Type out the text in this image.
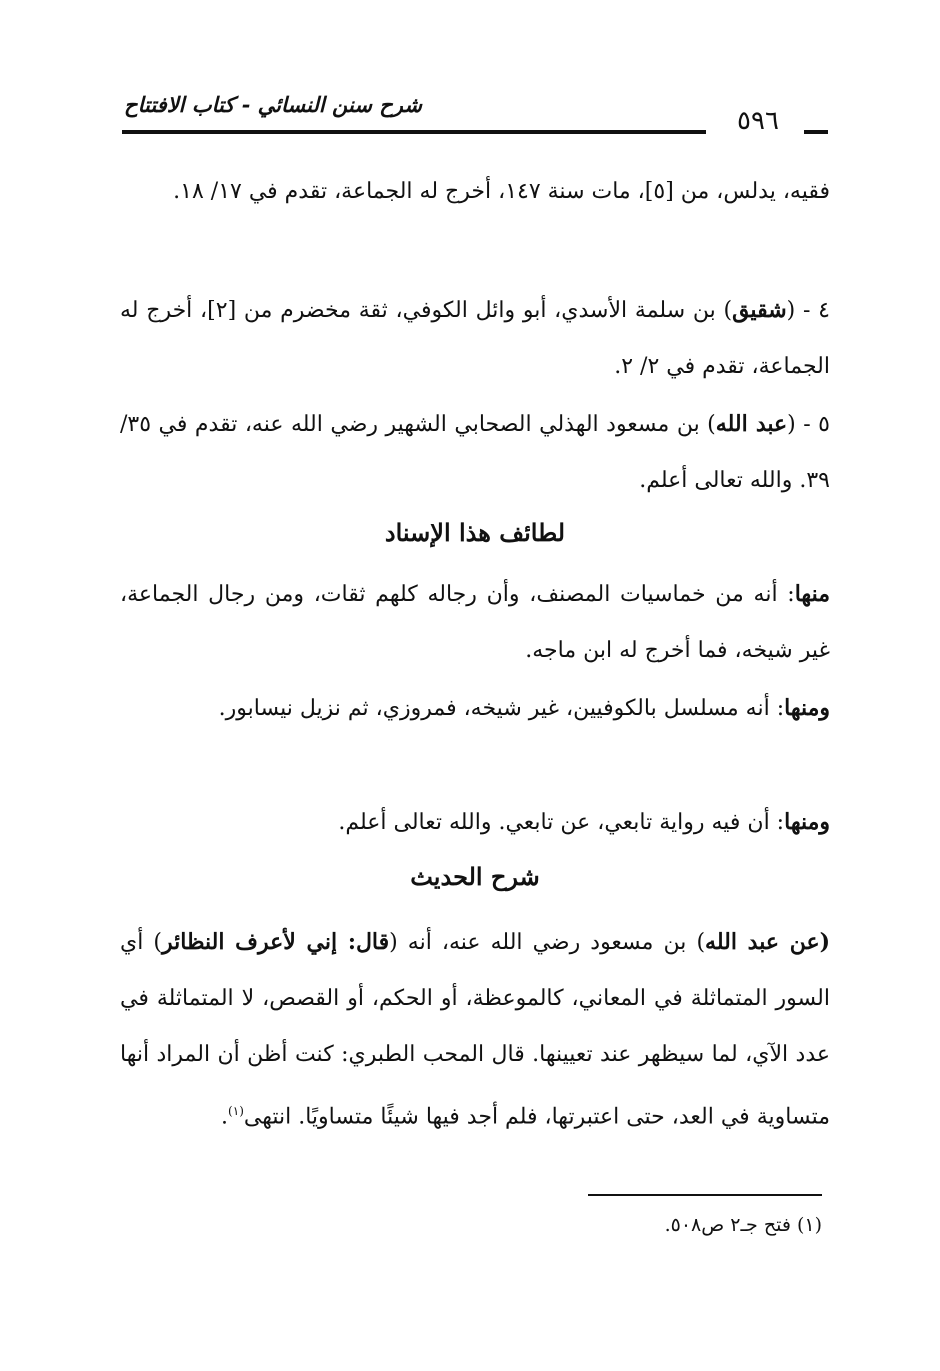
شرح سنن النسائي - كتاب الافتتاح
٥٩٦
فقيه، يدلس، من [٥]، مات سنة ١٤٧، أخرج له الجماعة، تقدم في ١٧/ ١٨.
٤ - (شقيق) بن سلمة الأسدي، أبو وائل الكوفي، ثقة مخضرم من [٢]، أخرج له الجماعة، تقدم في ٢/ ٢.
٥ - (عبد الله) بن مسعود الهذلي الصحابي الشهير رضي الله عنه، تقدم في ٣٥/ ٣٩. والله تعالى أعلم.
لطائف هذا الإسناد
منها: أنه من خماسيات المصنف، وأن رجاله كلهم ثقات، ومن رجال الجماعة، غير شيخه، فما أخرج له ابن ماجه.
ومنها: أنه مسلسل بالكوفيين، غير شيخه، فمروزي، ثم نزيل نيسابور.
ومنها: أن فيه رواية تابعي، عن تابعي. والله تعالى أعلم.
شرح الحديث
(عن عبد الله) بن مسعود رضي الله عنه، أنه (قال: إني لأعرف النظائر) أي السور المتماثلة في المعاني، كالموعظة، أو الحكم، أو القصص، لا المتماثلة في عدد الآي، لما سيظهر عند تعيينها. قال المحب الطبري: كنت أظن أن المراد أنها متساوية في العد، حتى اعتبرتها، فلم أجد فيها شيئًا متساويًا. انتهى$^{(١)}$.
(١) فتح جـ٢ ص٥٠٨.
